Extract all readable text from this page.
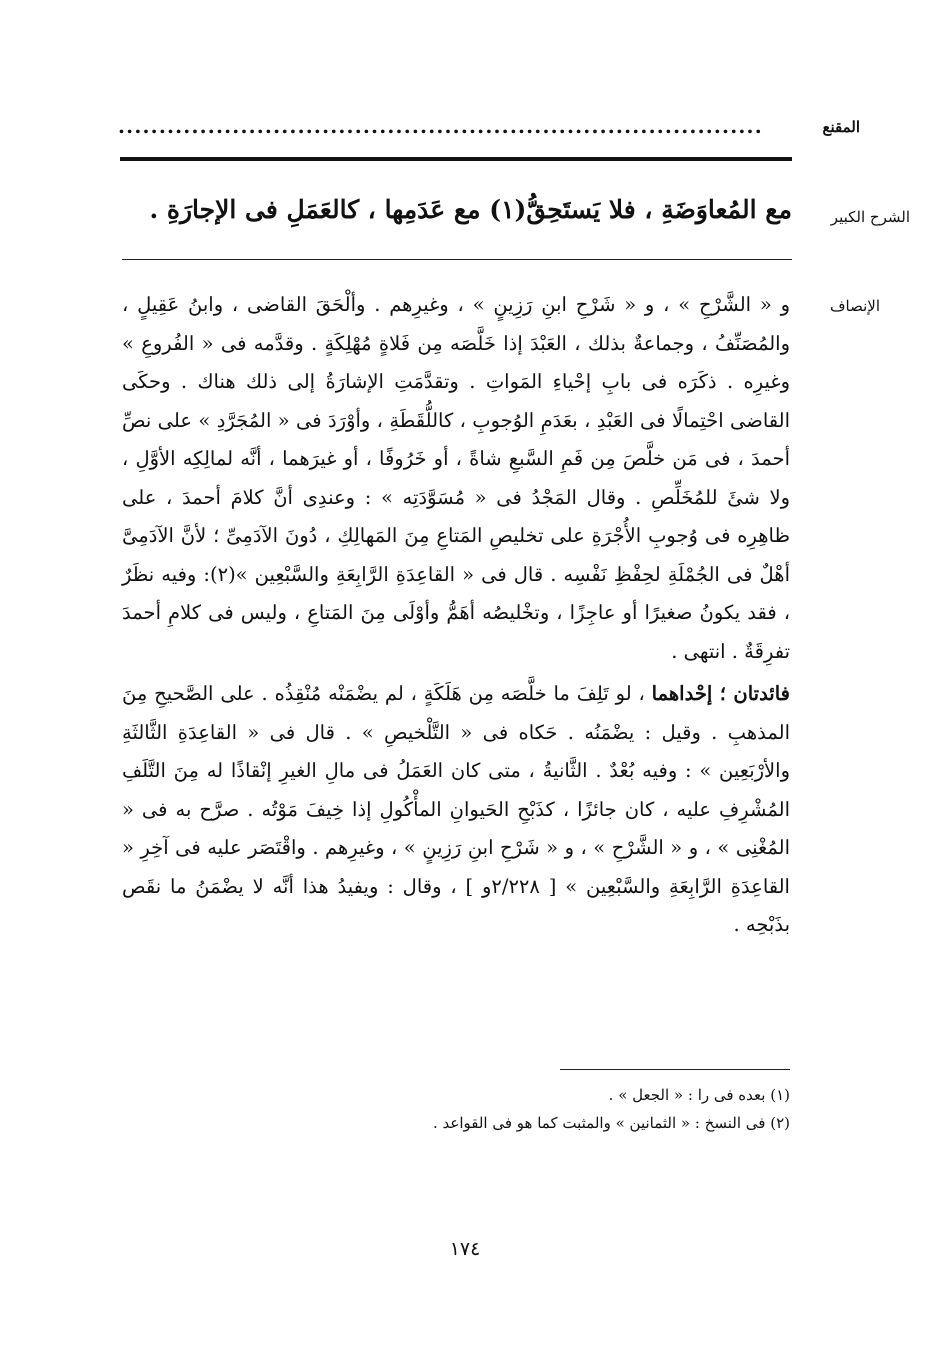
المقنع
...............................................................................
الشرح الكبير
مع المُعاوَضَةِ ، فلا يَستَحِقُّ(١) مع عَدَمِها ، كالعَمَلِ فى الإجارَةِ .
الإنصاف

و « الشَّرْحِ » ، و « شَرْحِ ابنِ رَزِينٍ » ، وغيرِهم . وألْحَقَ القاضى ، وابنُ عَقِيلٍ ، والمُصَنِّفُ ، وجماعةٌ بذلك ، العَبْدَ إذا خَلَّصَه مِن فَلاةٍ مُهْلِكَةٍ . وقدَّمه فى « الفُروعِ » وغيرِه . ذكَرَه فى بابِ إحْياءِ المَواتِ . وتقدَّمَتِ الإشارَةُ إلى ذلك هناك . وحكَى القاضى احْتِمالًا فى العَبْدِ ، بعَدَمِ الوُجوبِ ، كاللُّقَطَةِ ، وأوْرَدَ فى « المُجَرَّدِ » على نصِّ أحمدَ ، فى مَن خلَّصَ مِن فَمِ السَّبعِ شاةً ، أو خَرُوفًا ، أو غيرَهما ، أنَّه لمالِكِه الأوَّلِ ، ولا شئَ للمُخَلِّصِ . وقال المَجْدُ فى « مُسَوَّدَتِه » : وعندِى أنَّ كلامَ أحمدَ ، على ظاهِرِه فى وُجوبِ الأُجْرَةِ على تخليصِ المَتاعِ مِنَ المَهالِكِ ، دُونَ الآدَمِىِّ ؛ لأنَّ الآدَمِىَّ أهْلٌ فى الجُمْلَةِ لحِفْظِ نَفْسِه . قال فى « القاعِدَةِ الرَّابِعَةِ والسَّبْعِين »(٢): وفيه نظَرٌ ، فقد يكونُ صغيرًا أو عاجِزًا ، وتخْليصُه أهَمُّ وأوْلَى مِنَ المَتاعِ ، وليس فى كلامِ أحمدَ تفرِقَةٌ . انتهى .

فائدتان ؛ إحْداهما ، لو تَلِفَ ما خلَّصَه مِن هَلَكَةٍ ، لم يضْمَنْه مُنْقِذُه . على الصَّحيحِ مِنَ المذهبِ . وقيل : يضْمَنُه . حَكاه فى « التَّلْخيصِ » . قال فى « القاعِدَةِ الثَّالثَةِ والأرْبَعِين » : وفيه بُعْدٌ . الثَّانيةُ ، متى كان العَمَلُ فى مالِ الغيرِ إنْقاذًا له مِنَ التَّلَفِ المُشْرِفِ عليه ، كان جائزًا ، كذَبْحِ الحَيوانِ المأْكُولِ إذا خِيفَ مَوْتُه . صرَّح به فى « المُغْنِى » ، و « الشَّرْحِ » ، و « شَرْحِ ابنِ رَزِينٍ » ، وغيرِهم . واقْتَصَر عليه فى آخِرِ « القاعِدَةِ الرَّابِعَةِ والسَّبْعِين » [ ٢/٢٢٨و ] ، وقال : ويفيدُ هذا أنَّه لا يضْمَنُ ما نقَص بذَبْحِه .

(١) بعده فى را : « الجعل » .
(٢) فى النسخ : « الثمانين » والمثبت كما هو فى القواعد .
١٧٤
